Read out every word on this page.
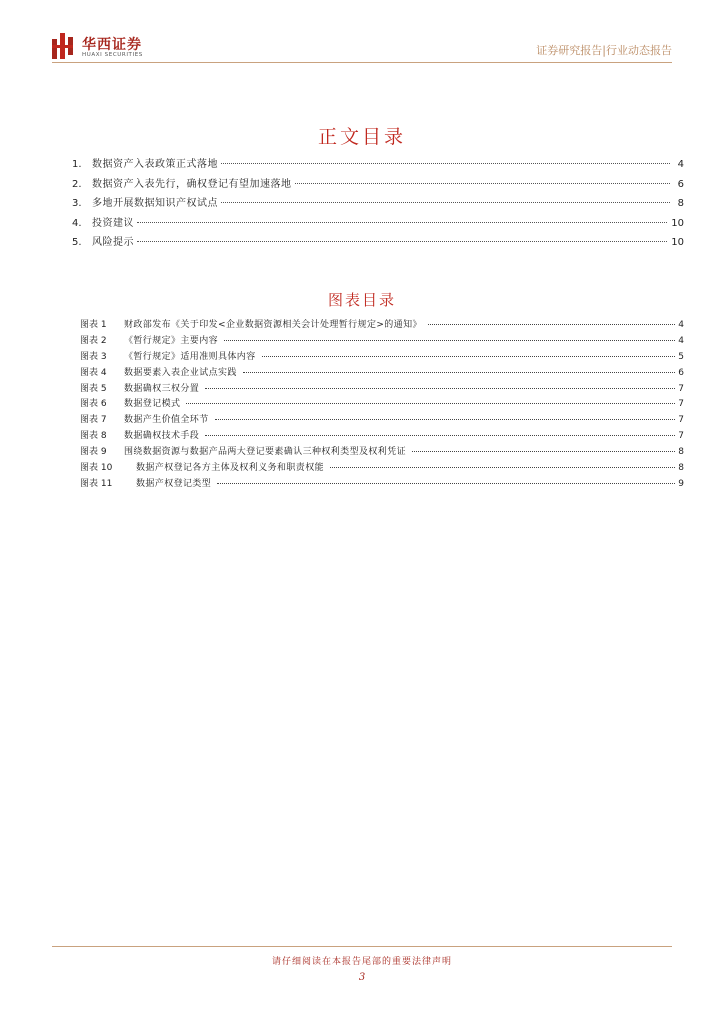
华西证券
HUAXI SECURITIES	证券研究报告|行业动态报告
正文目录
1.	数据资产入表政策正式落地	4
2.	数据资产入表先行，确权登记有望加速落地	6
3.	多地开展数据知识产权试点	8
4.	投资建议	10
5.	风险提示	10
图表目录
图表 1	财政部发布《关于印发<企业数据资源相关会计处理暂行规定>的通知》	4
图表 2	《暂行规定》主要内容	4
图表 3	《暂行规定》适用准则具体内容	5
图表 4	数据要素入表企业试点实践	6
图表 5	数据确权三权分置	7
图表 6	数据登记模式	7
图表 7	数据产生价值全环节	7
图表 8	数据确权技术手段	7
图表 9	围绕数据资源与数据产品两大登记要素确认三种权利类型及权利凭证	8
图表 10	数据产权登记各方主体及权利义务和职责权能	8
图表 11	数据产权登记类型	9
请仔细阅读在本报告尾部的重要法律声明
3
